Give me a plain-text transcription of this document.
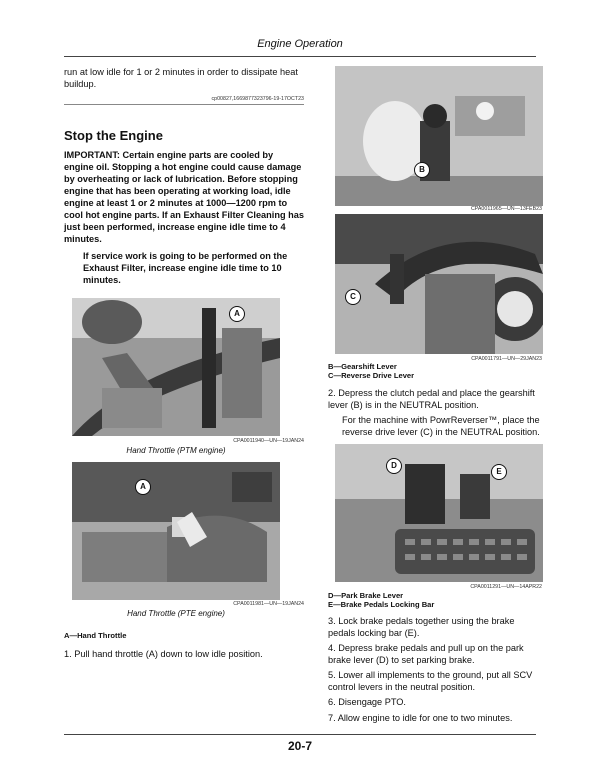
Engine Operation
run at low idle for 1 or 2 minutes in order to dissipate heat buildup.
cp00827,1669877323796-19-17OCT23
Stop the Engine
IMPORTANT: Certain engine parts are cooled by engine oil. Stopping a hot engine could cause damage by overheating or lack of lubrication. Before stopping engine that has been operating at working load, idle engine at least 1 or 2 minutes at 1000—1200 rpm to cool hot engine parts. If an Exhaust Filter Cleaning has just been performed, increase engine idle time to 4 minutes.
If service work is going to be performed on the Exhaust Filter, increase engine idle time to 10 minutes.
A
CPA0011940—UN—19JAN24
Hand Throttle (PTM engine)
A
CPA0011981—UN—19JAN24
Hand Throttle (PTE engine)
A—Hand Throttle
1. Pull hand throttle (A) down to low idle position.
B
CPA0011965—UN—13FEB23
C
CPA0011791—UN—29JAN23
B—Gearshift Lever
C—Reverse Drive Lever
2. Depress the clutch pedal and place the gearshift lever (B) is in the NEUTRAL position.
For the machine with PowrReverser™, place the reverse drive lever (C) in the NEUTRAL position.
D
E
CPA0011291—UN—14APR22
D—Park Brake Lever
E—Brake Pedals Locking Bar
3. Lock brake pedals together using the brake pedals locking bar (E).
4. Depress brake pedals and pull up on the park brake lever (D) to set parking brake.
5. Lower all implements to the ground, put all SCV control levers in the neutral position.
6. Disengage PTO.
7. Allow engine to idle for one to two minutes.
20-7
